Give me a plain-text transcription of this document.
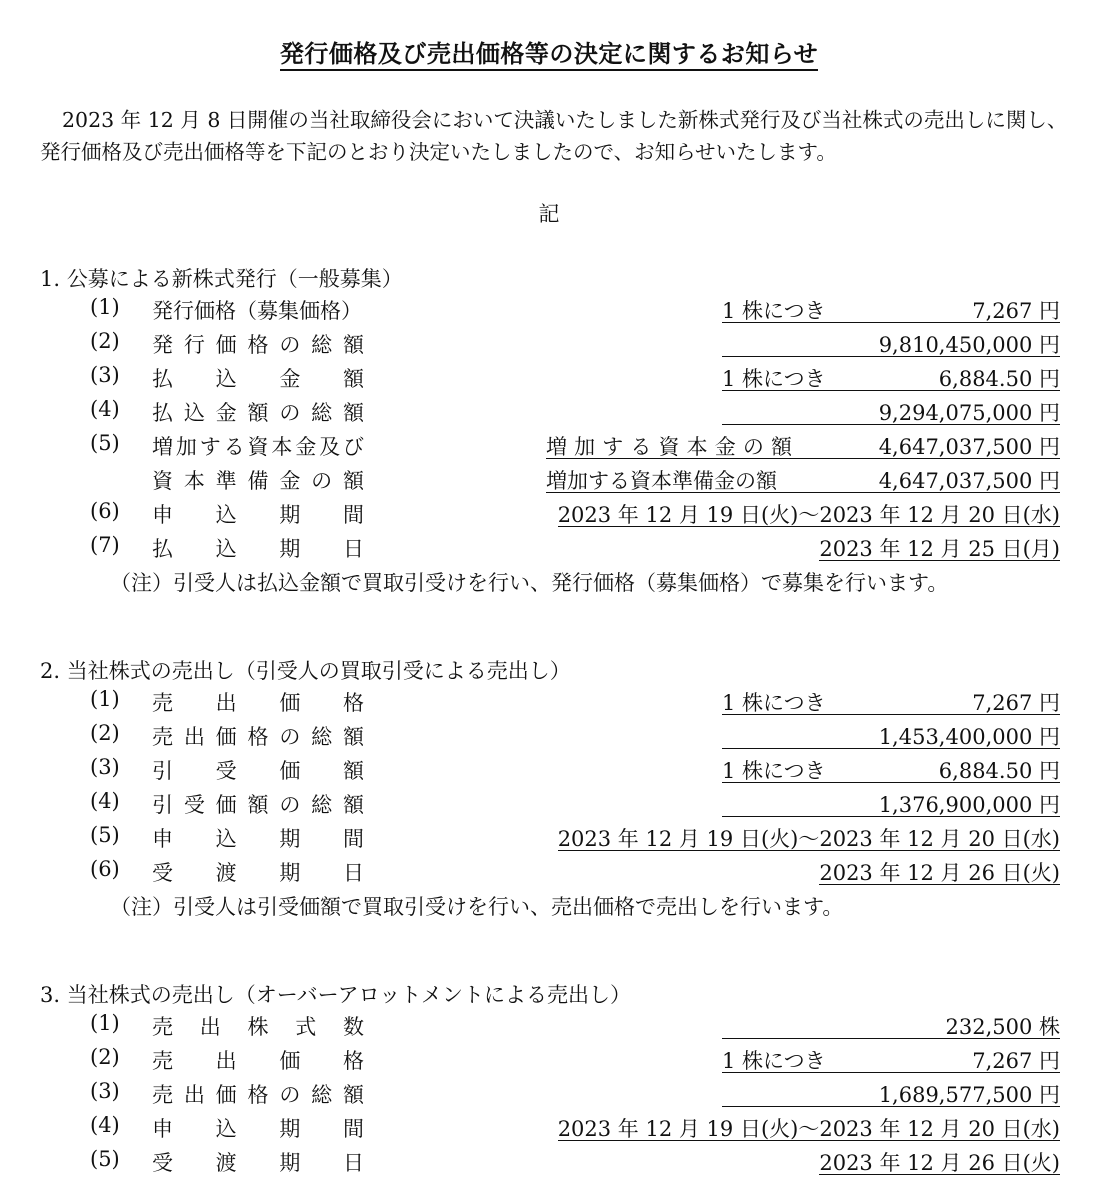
発行価格及び売出価格等の決定に関するお知らせ
2023 年 12 月 8 日開催の当社取締役会において決議いたしました新株式発行及び当社株式の売出しに関し、発行価格及び売出価格等を下記のとおり決定いたしましたので、お知らせいたします。
記
1. 公募による新株式発行（一般募集）
(1) 発行価格（募集価格）	1 株につき	7,267 円
(2) 発 行 価 格 の 総 額	9,810,450,000 円
(3) 払 込 金 額	1 株につき	6,884.50 円
(4) 払 込 金 額 の 総 額	9,294,075,000 円
(5) 増 加 す る 資 本 金 及 び	増 加 す る 資 本 金 の 額	4,647,037,500 円
資 本 準 備 金 の 額	増加する資本準備金の額	4,647,037,500 円
(6) 申 込 期 間	2023 年 12 月 19 日(火)～2023 年 12 月 20 日(水)
(7) 払 込 期 日	2023 年 12 月 25 日(月)
（注）引受人は払込金額で買取引受けを行い、発行価格（募集価格）で募集を行います。
2. 当社株式の売出し（引受人の買取引受による売出し）
(1) 売 出 価 格	1 株につき	7,267 円
(2) 売 出 価 格 の 総 額	1,453,400,000 円
(3) 引 受 価 額	1 株につき	6,884.50 円
(4) 引 受 価 額 の 総 額	1,376,900,000 円
(5) 申 込 期 間	2023 年 12 月 19 日(火)～2023 年 12 月 20 日(水)
(6) 受 渡 期 日	2023 年 12 月 26 日(火)
（注）引受人は引受価額で買取引受けを行い、売出価格で売出しを行います。
3. 当社株式の売出し（オーバーアロットメントによる売出し）
(1) 売 出 株 式 数	232,500 株
(2) 売 出 価 格	1 株につき	7,267 円
(3) 売 出 価 格 の 総 額	1,689,577,500 円
(4) 申 込 期 間	2023 年 12 月 19 日(火)～2023 年 12 月 20 日(水)
(5) 受 渡 期 日	2023 年 12 月 26 日(火)
